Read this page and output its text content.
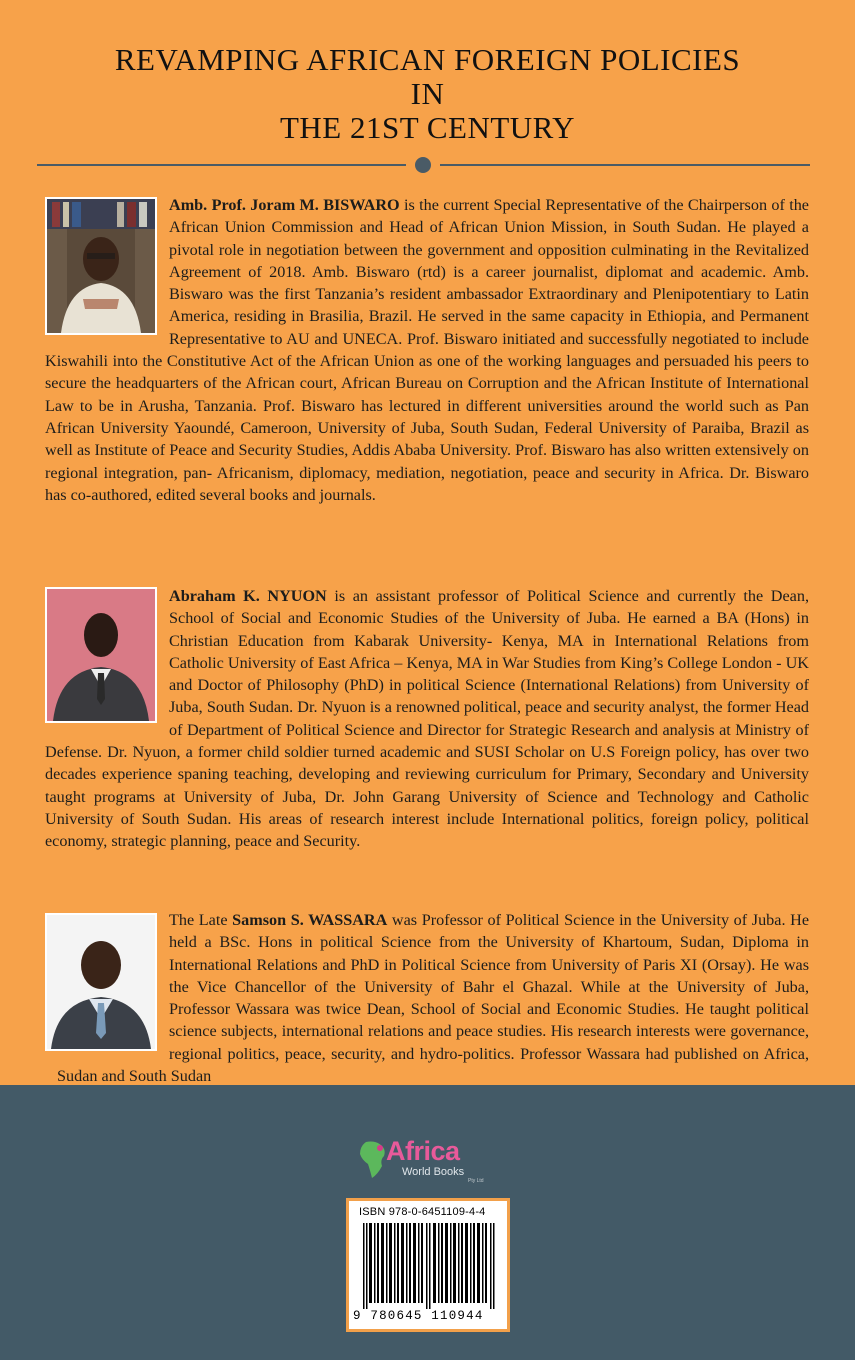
REVAMPING AFRICAN FOREIGN POLICIES
IN
THE 21ST CENTURY
Amb. Prof. Joram M. BISWARO is the current Special Representative of the Chairperson of the African Union Commission and Head of African Union Mission, in South Sudan. He played a pivotal role in negotiation between the government and opposition culminating in the Revitalized Agreement of 2018. Amb. Biswaro (rtd) is a career journalist, diplomat and academic. Amb. Biswaro was the first Tanzania’s resident ambassador Extraordinary and Plenipotentiary to Latin America, residing in Brasilia, Brazil. He served in the same capacity in Ethiopia, and Permanent Representative to AU and UNECA. Prof. Biswaro initiated and successfully negotiated to include Kiswahili into the Constitutive Act of the African Union as one of the working languages and persuaded his peers to secure the headquarters of the African court, African Bureau on Corruption and the African Institute of International Law to be in Arusha, Tanzania. Prof. Biswaro has lectured in different universities around the world such as Pan African University Yaoundé, Cameroon, University of Juba, South Sudan, Federal University of Paraiba, Brazil as well as Institute of Peace and Security Studies, Addis Ababa University. Prof. Biswaro has also written extensively on regional integration, pan- Africanism, diplomacy, mediation, negotiation, peace and security in Africa. Dr. Biswaro has co-authored, edited several books and journals.
Abraham K. NYUON is an assistant professor of Political Science and currently the Dean, School of Social and Economic Studies of the University of Juba. He earned a BA (Hons) in Christian Education from Kabarak University- Kenya, MA in International Relations from Catholic University of East Africa – Kenya, MA in War Studies from King’s College London - UK and Doctor of Philosophy (PhD) in political Science (International Relations) from University of Juba, South Sudan. Dr. Nyuon is a renowned political, peace and security analyst, the former Head of Department of Political Science and Director for Strategic Research and analysis at Ministry of Defense. Dr. Nyuon, a former child soldier turned academic and SUSI Scholar on U.S Foreign policy, has over two decades experience spaning teaching, developing and reviewing curriculum for Primary, Secondary and University taught programs at University of Juba, Dr. John Garang University of Science and Technology and Catholic University of South Sudan. His areas of research interest include International politics, foreign policy, political economy, strategic planning, peace and Security.
The Late Samson S. WASSARA was Professor of Political Science in the University of Juba. He held a BSc. Hons in political Science from the University of Khartoum, Sudan, Diploma in International Relations and PhD in Political Science from University of Paris XI (Orsay). He was the Vice Chancellor of the University of Bahr el Ghazal. While at the University of Juba, Professor Wassara was twice Dean, School of Social and Economic Studies. He taught political science subjects, international relations and peace studies. His research interests were governance, regional politics, peace, security, and hydro-politics. Professor Wassara had published on Africa, Sudan and South Sudan
Africa
World Books
Pty Ltd
ISBN 978-0-6451109-4-4
9 780645 110944
